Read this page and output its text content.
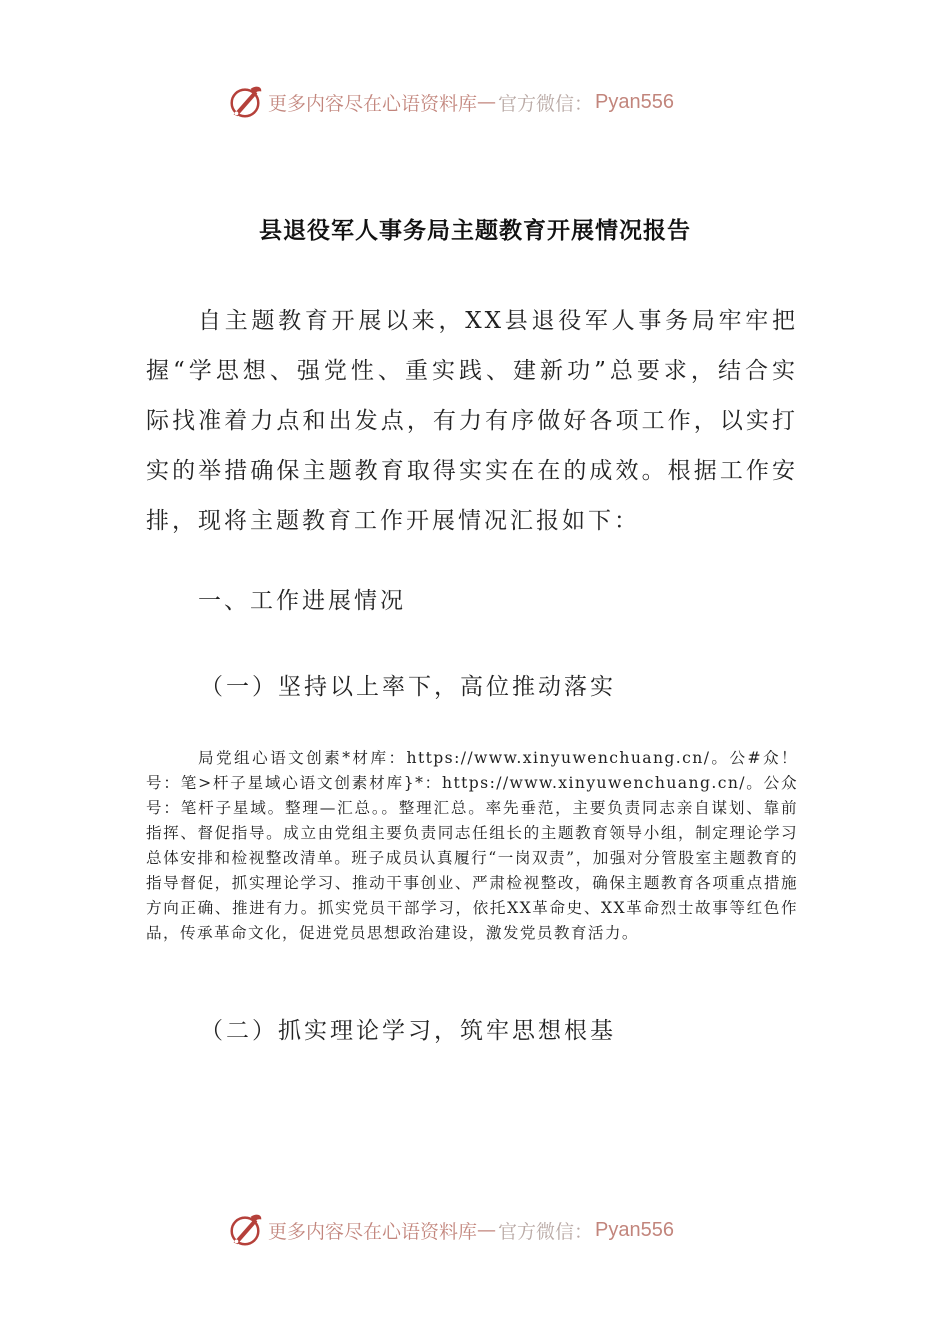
更多内容尽在心语资料库 — 官方微信： Pyan556
县退役军人事务局主题教育开展情况报告

自主题教育开展以来，XX县退役军人事务局牢牢把握“学思想、强党性、重实践、建新功”总要求，结合实际找准着力点和出发点，有力有序做好各项工作，以实打实的举措确保主题教育取得实实在在的成效。根据工作安排，现将主题教育工作开展情况汇报如下：

一、工作进展情况
（一）坚持以上率下，高位推动落实

局党组心语文创素*材库：https://www.xinyuwenchuang.cn/。公#众！号：笔>杆子星域心语文创素材库}*：https://www.xinyuwenchuang.cn/。公众号：笔杆子星域。整理—汇总。。整理汇总。率先垂范，主要负责同志亲自谋划、靠前指挥、督促指导。成立由党组主要负责同志任组长的主题教育领导小组，制定理论学习总体安排和检视整改清单。班子成员认真履行“一岗双责”，加强对分管股室主题教育的指导督促，抓实理论学习、推动干事创业、严肃检视整改，确保主题教育各项重点措施方向正确、推进有力。抓实党员干部学习，依托XX革命史、XX革命烈士故事等红色作品，传承革命文化，促进党员思想政治建设，激发党员教育活力。

（二）抓实理论学习，筑牢思想根基
更多内容尽在心语资料库 — 官方微信： Pyan556
